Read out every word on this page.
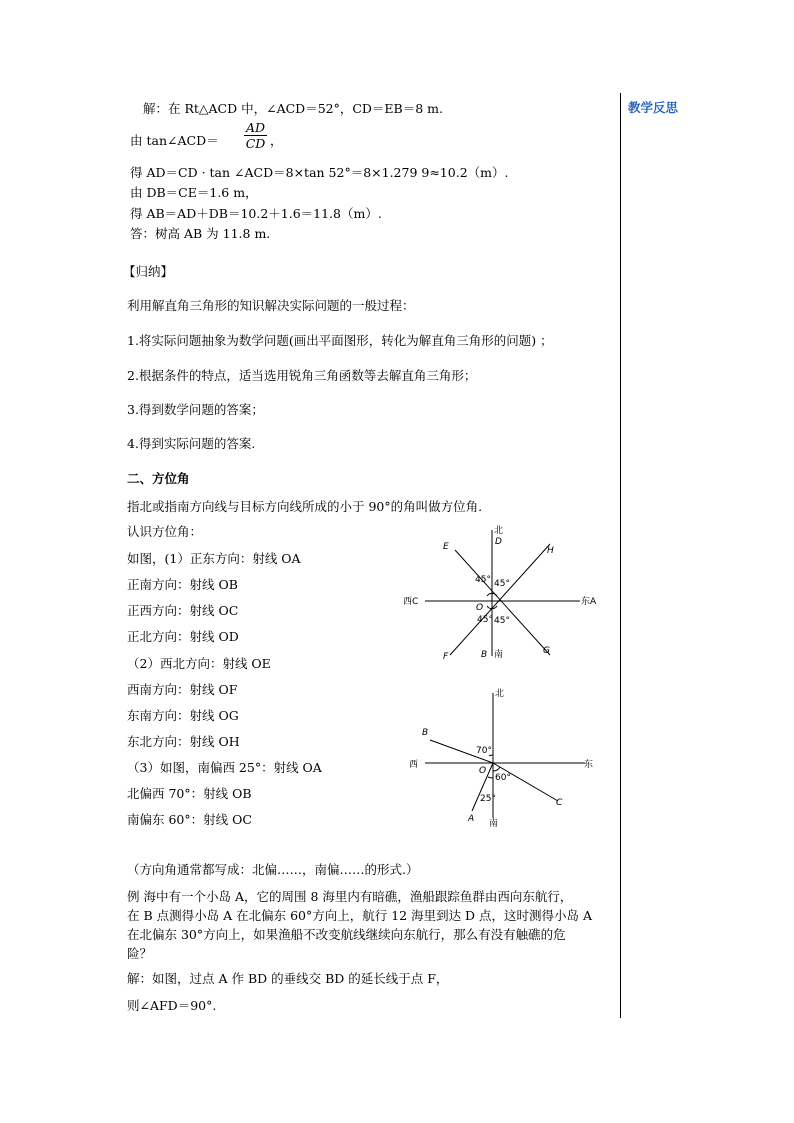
教学反思
解：在 Rt△ACD 中，∠ACD＝52°，CD＝EB＝8 m.
由 tan∠ACD＝ $\frac{AD}{CD}$ ，
得 AD＝CD · tan ∠ACD＝8×tan 52°＝8×1.279 9≈10.2（m）.
由 DB＝CE＝1.6 m，
得 AB＝AD＋DB＝10.2＋1.6＝11.8（m）.
答：树高 AB 为 11.8 m.
【归纳】
利用解直角三角形的知识解决实际问题的一般过程：
1.将实际问题抽象为数学问题(画出平面图形，转化为解直角三角形的问题) ；
2.根据条件的特点，适当选用锐角三角函数等去解直角三角形；
3.得到数学问题的答案；
4.得到实际问题的答案.
二、方位角
指北或指南方向线与目标方向线所成的小于 90°的角叫做方位角.
认识方位角：
如图，(1）正东方向：射线 OA
正南方向：射线 OB
正西方向：射线 OC
正北方向：射线 OD
（2）西北方向：射线 OE
西南方向：射线 OF
东南方向：射线 OG
东北方向：射线 OH
（3）如图，南偏西 25°：射线 OA
北偏西 70°：射线 OB
南偏东 60°：射线 OC
（方向角通常都写成：北偏……，南偏……的形式.）
例 海中有一个小岛 A，它的周围 8 海里内有暗礁，渔船跟踪鱼群由西向东航行，
在 B 点测得小岛 A 在北偏东 60°方向上，航行 12 海里到达 D 点，这时测得小岛 A
在北偏东 30°方向上，如果渔船不改变航线继续向东航行，那么有没有触礁的危
险？
解：如图，过点 A 作 BD 的垂线交 BD 的延长线于点 F，
则∠AFD＝90°.
北
D
E	H
45° 45°
西C	东A
O
45° 45°
F	B 南	G
北
B
70°
西	东
O
60°
25°	C
A 南
